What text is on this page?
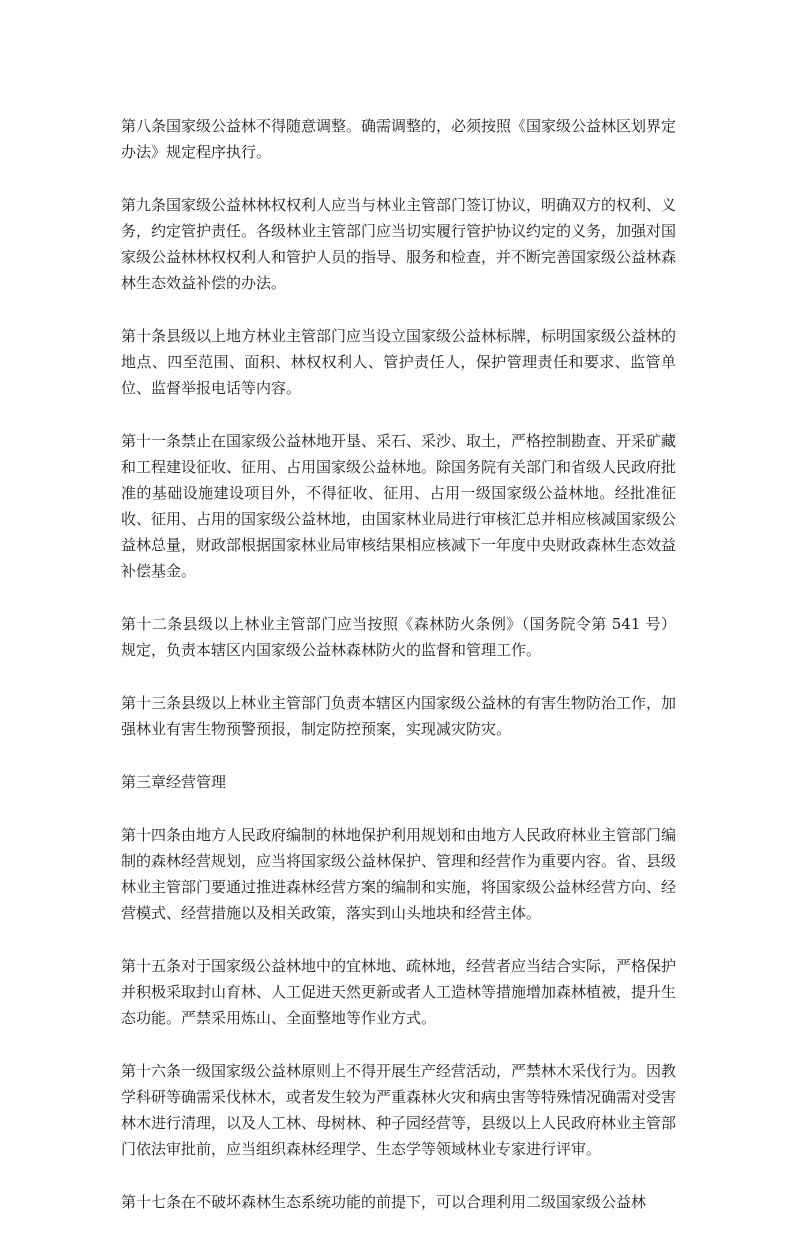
第八条国家级公益林不得随意调整。确需调整的，必须按照《国家级公益林区划界定办法》规定程序执行。

第九条国家级公益林林权权利人应当与林业主管部门签订协议，明确双方的权利、义务，约定管护责任。各级林业主管部门应当切实履行管护协议约定的义务，加强对国家级公益林林权权利人和管护人员的指导、服务和检查，并不断完善国家级公益林森林生态效益补偿的办法。

第十条县级以上地方林业主管部门应当设立国家级公益林标牌，标明国家级公益林的地点、四至范围、面积、林权权利人、管护责任人，保护管理责任和要求、监管单位、监督举报电话等内容。

第十一条禁止在国家级公益林地开垦、采石、采沙、取土，严格控制勘查、开采矿藏和工程建设征收、征用、占用国家级公益林地。除国务院有关部门和省级人民政府批准的基础设施建设项目外，不得征收、征用、占用一级国家级公益林地。经批准征收、征用、占用的国家级公益林地，由国家林业局进行审核汇总并相应核减国家级公益林总量，财政部根据国家林业局审核结果相应核减下一年度中央财政森林生态效益补偿基金。

第十二条县级以上林业主管部门应当按照《森林防火条例》（国务院令第 541 号）规定，负责本辖区内国家级公益林森林防火的监督和管理工作。

第十三条县级以上林业主管部门负责本辖区内国家级公益林的有害生物防治工作，加强林业有害生物预警预报，制定防控预案，实现减灾防灾。

第三章经营管理

第十四条由地方人民政府编制的林地保护利用规划和由地方人民政府林业主管部门编制的森林经营规划，应当将国家级公益林保护、管理和经营作为重要内容。省、县级林业主管部门要通过推进森林经营方案的编制和实施，将国家级公益林经营方向、经营模式、经营措施以及相关政策，落实到山头地块和经营主体。

第十五条对于国家级公益林地中的宜林地、疏林地，经营者应当结合实际，严格保护并积极采取封山育林、人工促进天然更新或者人工造林等措施增加森林植被，提升生态功能。严禁采用炼山、全面整地等作业方式。

第十六条一级国家级公益林原则上不得开展生产经营活动，严禁林木采伐行为。因教学科研等确需采伐林木，或者发生较为严重森林火灾和病虫害等特殊情况确需对受害林木进行清理，以及人工林、母树林、种子园经营等，县级以上人民政府林业主管部门依法审批前，应当组织森林经理学、生态学等领域林业专家进行评审。

第十七条在不破坏森林生态系统功能的前提下，可以合理利用二级国家级公益林
